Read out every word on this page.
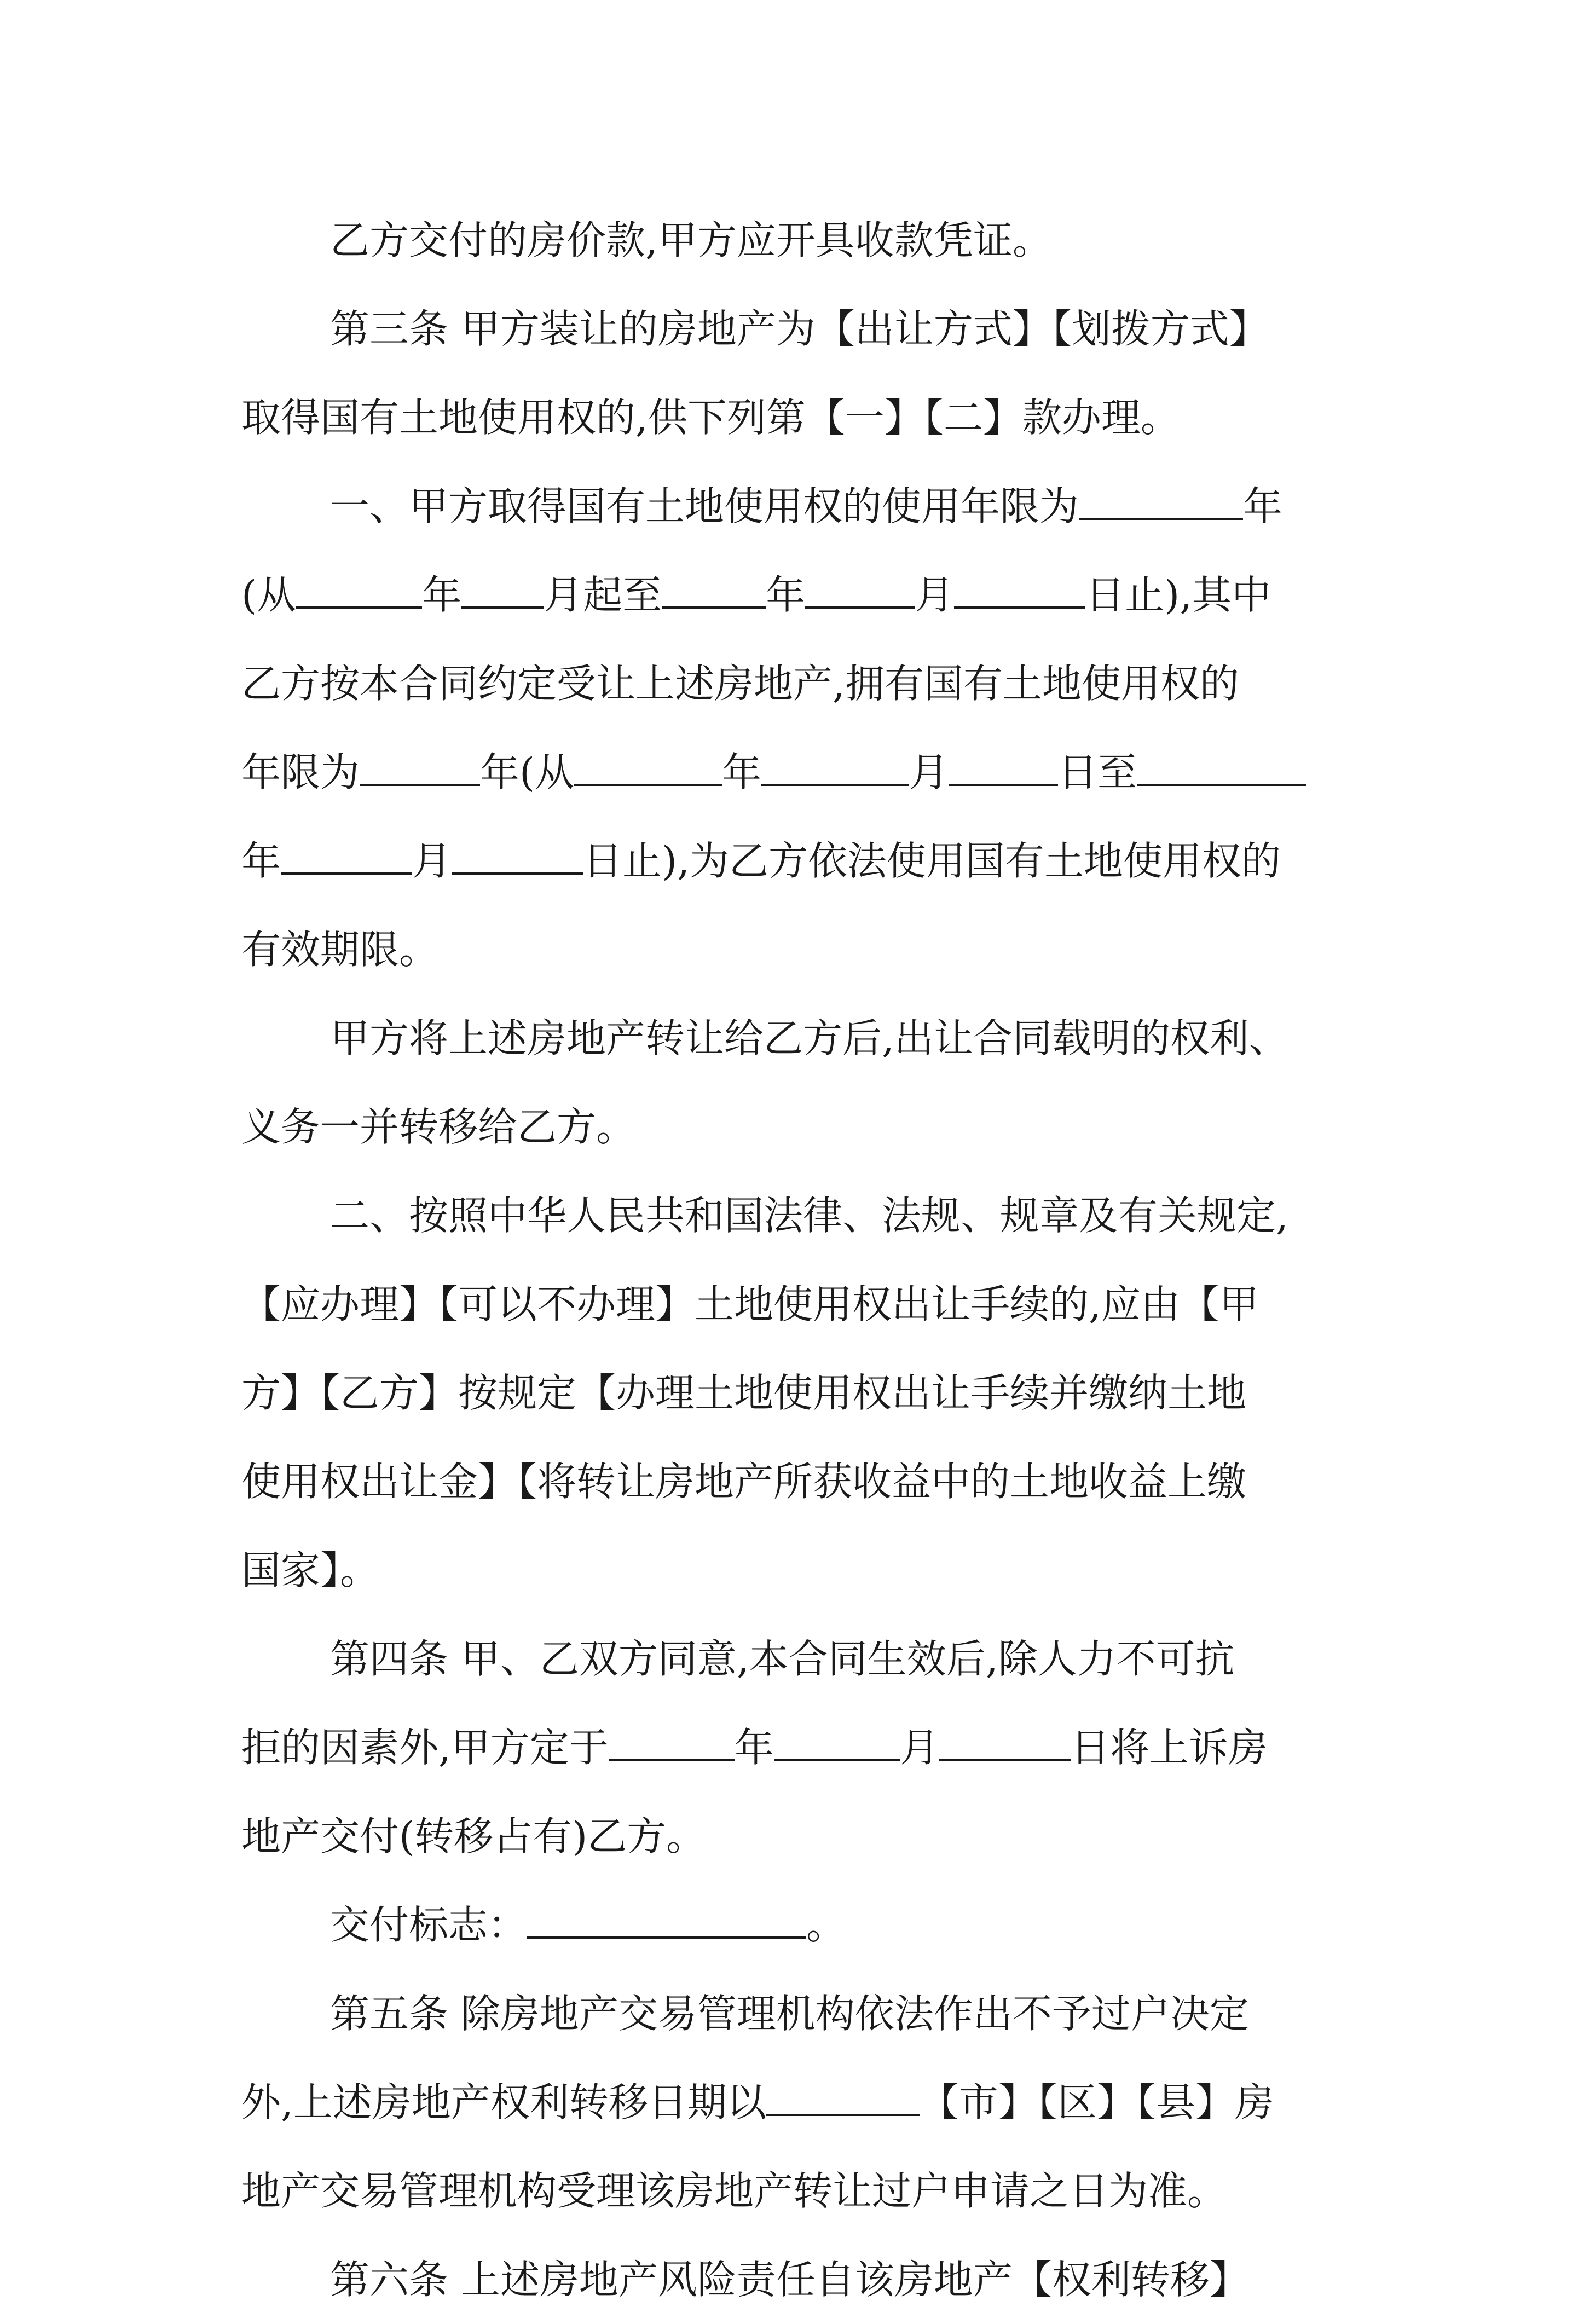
乙方交付的房价款,甲方应开具收款凭证。
第三条 甲方装让的房地产为【出让方式】【划拨方式】
取得国有土地使用权的,供下列第【一】【二】款办理。
一、甲方取得国有土地使用权的使用年限为	年
(从	年 月起至	年	月	日止),其中
乙方按本合同约定受让上述房地产,拥有国有土地使用权的
年限为	年(从	年	月	日至
年	月	日止),为乙方依法使用国有土地使用权的
有效期限。
甲方将上述房地产转让给乙方后,出让合同载明的权利、
义务一并转移给乙方。
二、按照中华人民共和国法律、法规、规章及有关规定,
【应办理】【可以不办理】土地使用权出让手续的,应由【甲
方】【乙方】按规定【办理土地使用权出让手续并缴纳土地
使用权出让金】【将转让房地产所获收益中的土地收益上缴
国家】。
第四条 甲、乙双方同意,本合同生效后,除人力不可抗
拒的因素外,甲方定于	年	月	日将上诉房
地产交付(转移占有)乙方。
交付标志：	。
第五条 除房地产交易管理机构依法作出不予过户决定
外,上述房地产权利转移日期以	【市】【区】【县】房
地产交易管理机构受理该房地产转让过户申请之日为准。
第六条 上述房地产风险责任自该房地产【权利转移】
